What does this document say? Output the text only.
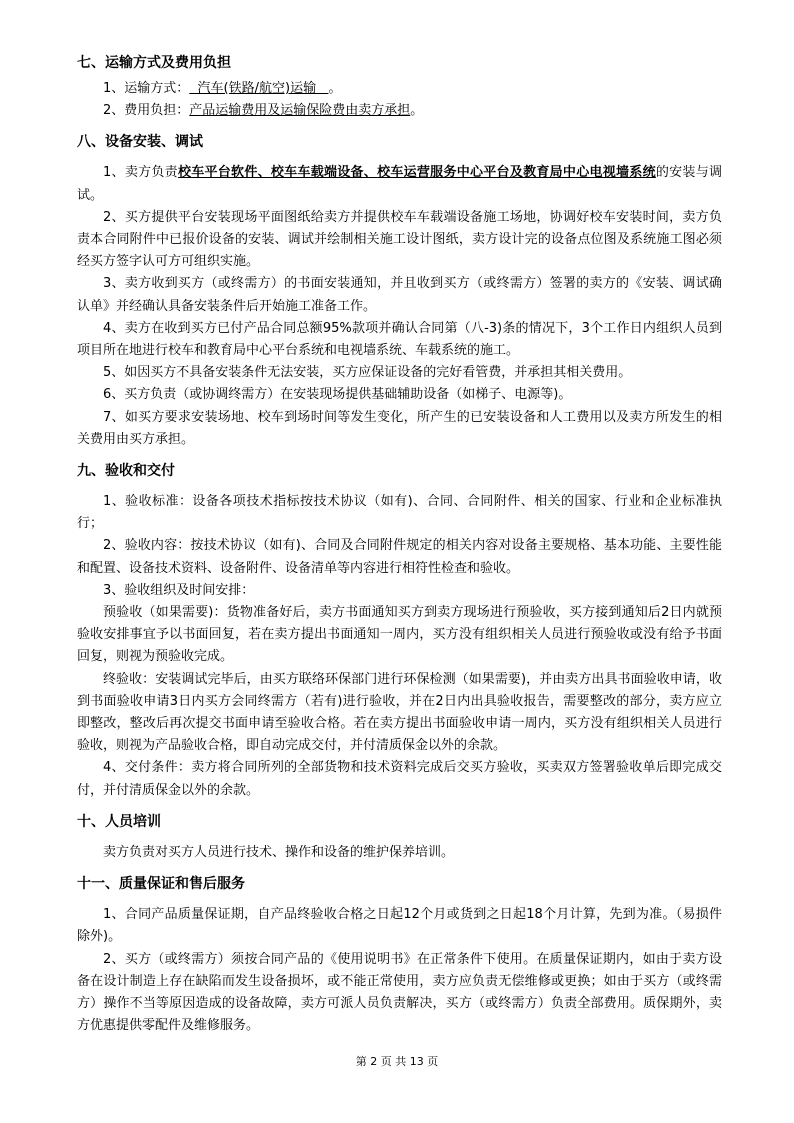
七、运输方式及费用负担

1、运输方式：  汽车(铁路/航空)运输   。

2、费用负担：产品运输费用及运输保险费由卖方承担。

八、设备安装、调试

1、卖方负责校车平台软件、校车车载端设备、校车运营服务中心平台及教育局中心电视墙系统的安装与调试。

2、买方提供平台安装现场平面图纸给卖方并提供校车车载端设备施工场地，协调好校车安装时间，卖方负责本合同附件中已报价设备的安装、调试并绘制相关施工设计图纸，卖方设计完的设备点位图及系统施工图必须经买方签字认可方可组织实施。

3、卖方收到买方（或终需方）的书面安装通知，并且收到买方（或终需方）签署的卖方的《安装、调试确认单》并经确认具备安装条件后开始施工准备工作。

4、卖方在收到买方已付产品合同总额95%款项并确认合同第（八-3)条的情况下，3个工作日内组织人员到项目所在地进行校车和教育局中心平台系统和电视墙系统、车载系统的施工。

5、如因买方不具备安装条件无法安装，买方应保证设备的完好看管费，并承担其相关费用。

6、买方负责（或协调终需方）在安装现场提供基础辅助设备（如梯子、电源等)。

7、如买方要求安装场地、校车到场时间等发生变化，所产生的已安装设备和人工费用以及卖方所发生的相关费用由买方承担。

九、验收和交付

1、验收标准：设备各项技术指标按技术协议（如有)、合同、合同附件、相关的国家、行业和企业标准执行；

2、验收内容：按技术协议（如有)、合同及合同附件规定的相关内容对设备主要规格、基本功能、主要性能和配置、设备技术资料、设备附件、设备清单等内容进行相符性检查和验收。

3、验收组织及时间安排：

预验收（如果需要)：货物准备好后，卖方书面通知买方到卖方现场进行预验收，买方接到通知后2日内就预验收安排事宜予以书面回复，若在卖方提出书面通知一周内，买方没有组织相关人员进行预验收或没有给予书面回复，则视为预验收完成。

终验收：安装调试完毕后，由买方联络环保部门进行环保检测（如果需要)，并由卖方出具书面验收申请，收到书面验收申请3日内买方会同终需方（若有)进行验收，并在2日内出具验收报告，需要整改的部分，卖方应立即整改，整改后再次提交书面申请至验收合格。若在卖方提出书面验收申请一周内，买方没有组织相关人员进行验收，则视为产品验收合格，即自动完成交付，并付清质保金以外的余款。

4、交付条件：卖方将合同所列的全部货物和技术资料完成后交买方验收，买卖双方签署验收单后即完成交付，并付清质保金以外的余款。

十、人员培训

卖方负责对买方人员进行技术、操作和设备的维护保养培训。

十一、质量保证和售后服务

1、合同产品质量保证期，自产品终验收合格之日起12个月或货到之日起18个月计算，先到为准。（易损件除外)。

2、买方（或终需方）须按合同产品的《使用说明书》在正常条件下使用。在质量保证期内，如由于卖方设备在设计制造上存在缺陷而发生设备损坏，或不能正常使用，卖方应负责无偿维修或更换；如由于买方（或终需方）操作不当等原因造成的设备故障，卖方可派人员负责解决，买方（或终需方）负责全部费用。质保期外，卖方优惠提供零配件及维修服务。

第 2 页 共 13 页
